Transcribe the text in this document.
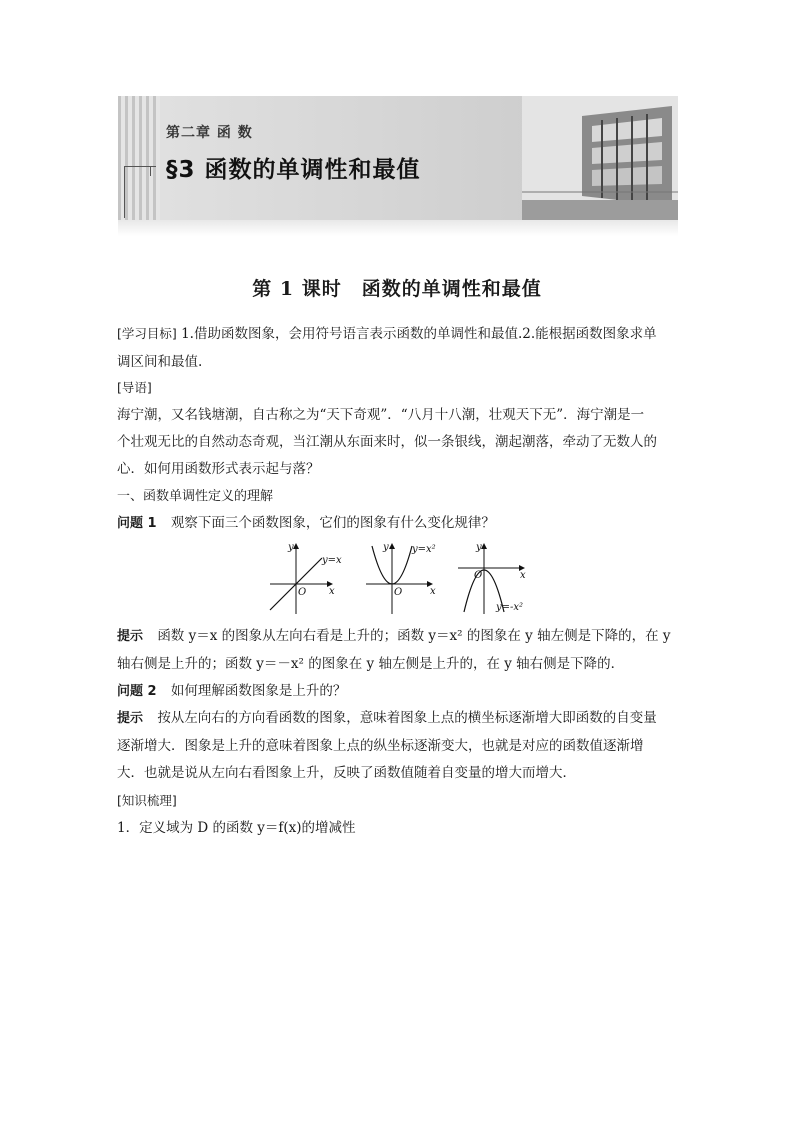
第二章 函 数
§3 函数的单调性和最值
第 1 课时　函数的单调性和最值
[学习目标] 1.借助函数图象，会用符号语言表示函数的单调性和最值.2.能根据函数图象求单
调区间和最值.
[导语]
海宁潮，又名钱塘潮，自古称之为“天下奇观”．“八月十八潮，壮观天下无”．海宁潮是一
个壮观无比的自然动态奇观，当江潮从东面来时，似一条银线，潮起潮落，牵动了无数人的
心．如何用函数形式表示起与落？
一、函数单调性定义的理解
问题 1 观察下面三个函数图象，它们的图象有什么变化规律？
y
x
O
y=x
y
x
O
y=x²	y
x
O
y=-x²
提示 函数 y＝x 的图象从左向右看是上升的；函数 y＝x² 的图象在 y 轴左侧是下降的，在 y
轴右侧是上升的；函数 y＝－x² 的图象在 y 轴左侧是上升的，在 y 轴右侧是下降的．
问题 2 如何理解函数图象是上升的？
提示 按从左向右的方向看函数的图象，意味着图象上点的横坐标逐渐增大即函数的自变量
逐渐增大．图象是上升的意味着图象上点的纵坐标逐渐变大，也就是对应的函数值逐渐增
大．也就是说从左向右看图象上升，反映了函数值随着自变量的增大而增大．
[知识梳理]
1．定义域为 D 的函数 y＝f(x)的增减性
